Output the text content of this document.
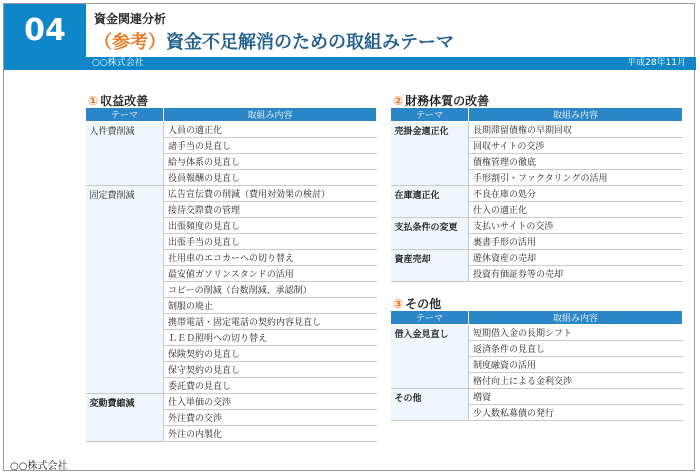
04	資金関連分析
（参考）資金不足解消のための取組みテーマ
○○株式会社	平成28年11月
① 収益改善
テーマ	取組み内容
人件費削減	人員の適正化
	諸手当の見直し
	給与体系の見直し
	役員報酬の見直し
固定費削減	広告宣伝費の削減（費用対効果の検討）
	接待交際費の管理
	出張頻度の見直し
	出張手当の見直し
	社用車のエコカーへの切り替え
	最安値ガソリンスタンドの活用
	コピーの削減（台数削減、承認制）
	制服の廃止
	携帯電話・固定電話の契約内容見直し
	ＬＥＤ照明への切り替え
	保険契約の見直し
	保守契約の見直し
	委託費の見直し
変動費縮減	仕入単価の交渉
	外注費の交渉
	外注の内製化
② 財務体質の改善
テーマ	取組み内容
売掛金適正化	長期滞留債権の早期回収
	回収サイトの交渉
	債権管理の徹底
	手形割引・ファクタリングの活用
在庫適正化	不良在庫の処分
	仕入の適正化
支払条件の変更	支払いサイトの交渉
	裏書手形の活用
資産売却	遊休資産の売却
	投資有価証券等の売却
③ その他
テーマ	取組み内容
借入金見直し	短期借入金の長期シフト
	返済条件の見直し
	制度融資の活用
	格付向上による金利交渉
その他	増資
	少人数私募債の発行
○○株式会社
